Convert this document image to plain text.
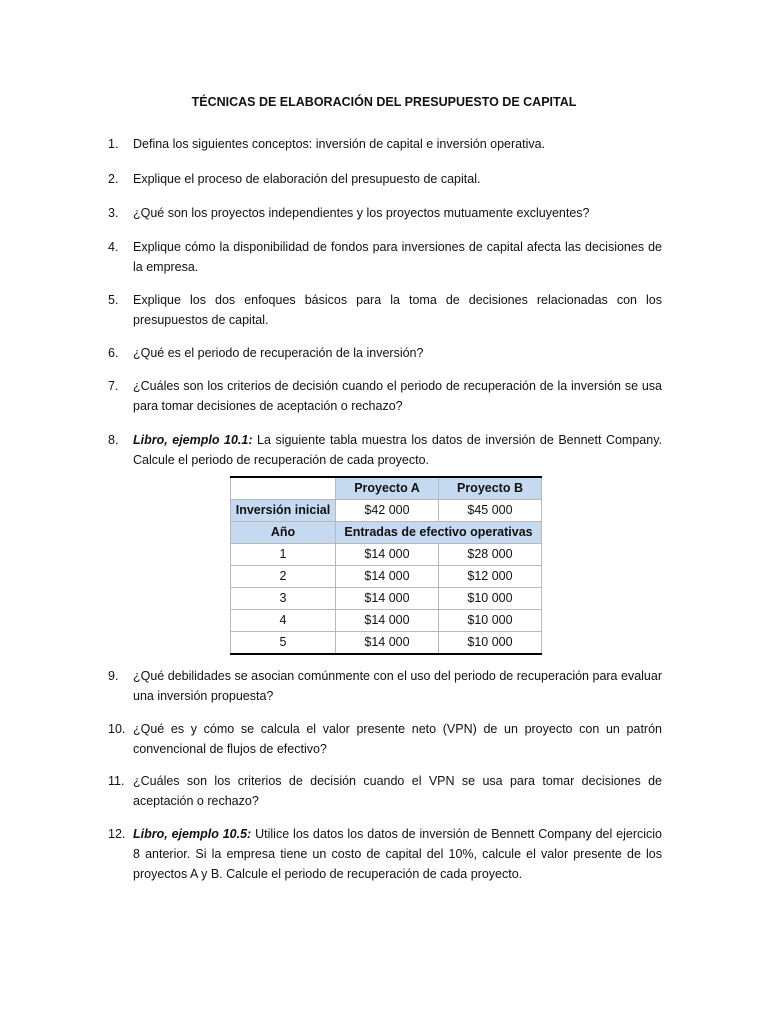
TÉCNICAS DE ELABORACIÓN DEL PRESUPUESTO DE CAPITAL
1. Defina los siguientes conceptos: inversión de capital e inversión operativa.
2. Explique el proceso de elaboración del presupuesto de capital.
3. ¿Qué son los proyectos independientes y los proyectos mutuamente excluyentes?
4. Explique cómo la disponibilidad de fondos para inversiones de capital afecta las decisiones de la empresa.
5. Explique los dos enfoques básicos para la toma de decisiones relacionadas con los presupuestos de capital.
6. ¿Qué es el periodo de recuperación de la inversión?
7. ¿Cuáles son los criterios de decisión cuando el periodo de recuperación de la inversión se usa para tomar decisiones de aceptación o rechazo?
8. Libro, ejemplo 10.1: La siguiente tabla muestra los datos de inversión de Bennett Company. Calcule el periodo de recuperación de cada proyecto.
	Proyecto A	Proyecto B
Inversión inicial	$42 000	$45 000
Año	Entradas de efectivo operativas	
1	$14 000	$28 000
2	$14 000	$12 000
3	$14 000	$10 000
4	$14 000	$10 000
5	$14 000	$10 000
9. ¿Qué debilidades se asocian comúnmente con el uso del periodo de recuperación para evaluar una inversión propuesta?
10. ¿Qué es y cómo se calcula el valor presente neto (VPN) de un proyecto con un patrón convencional de flujos de efectivo?
11. ¿Cuáles son los criterios de decisión cuando el VPN se usa para tomar decisiones de aceptación o rechazo?
12. Libro, ejemplo 10.5: Utilice los datos los datos de inversión de Bennett Company del ejercicio 8 anterior. Si la empresa tiene un costo de capital del 10%, calcule el valor presente de los proyectos A y B. Calcule el periodo de recuperación de cada proyecto.
